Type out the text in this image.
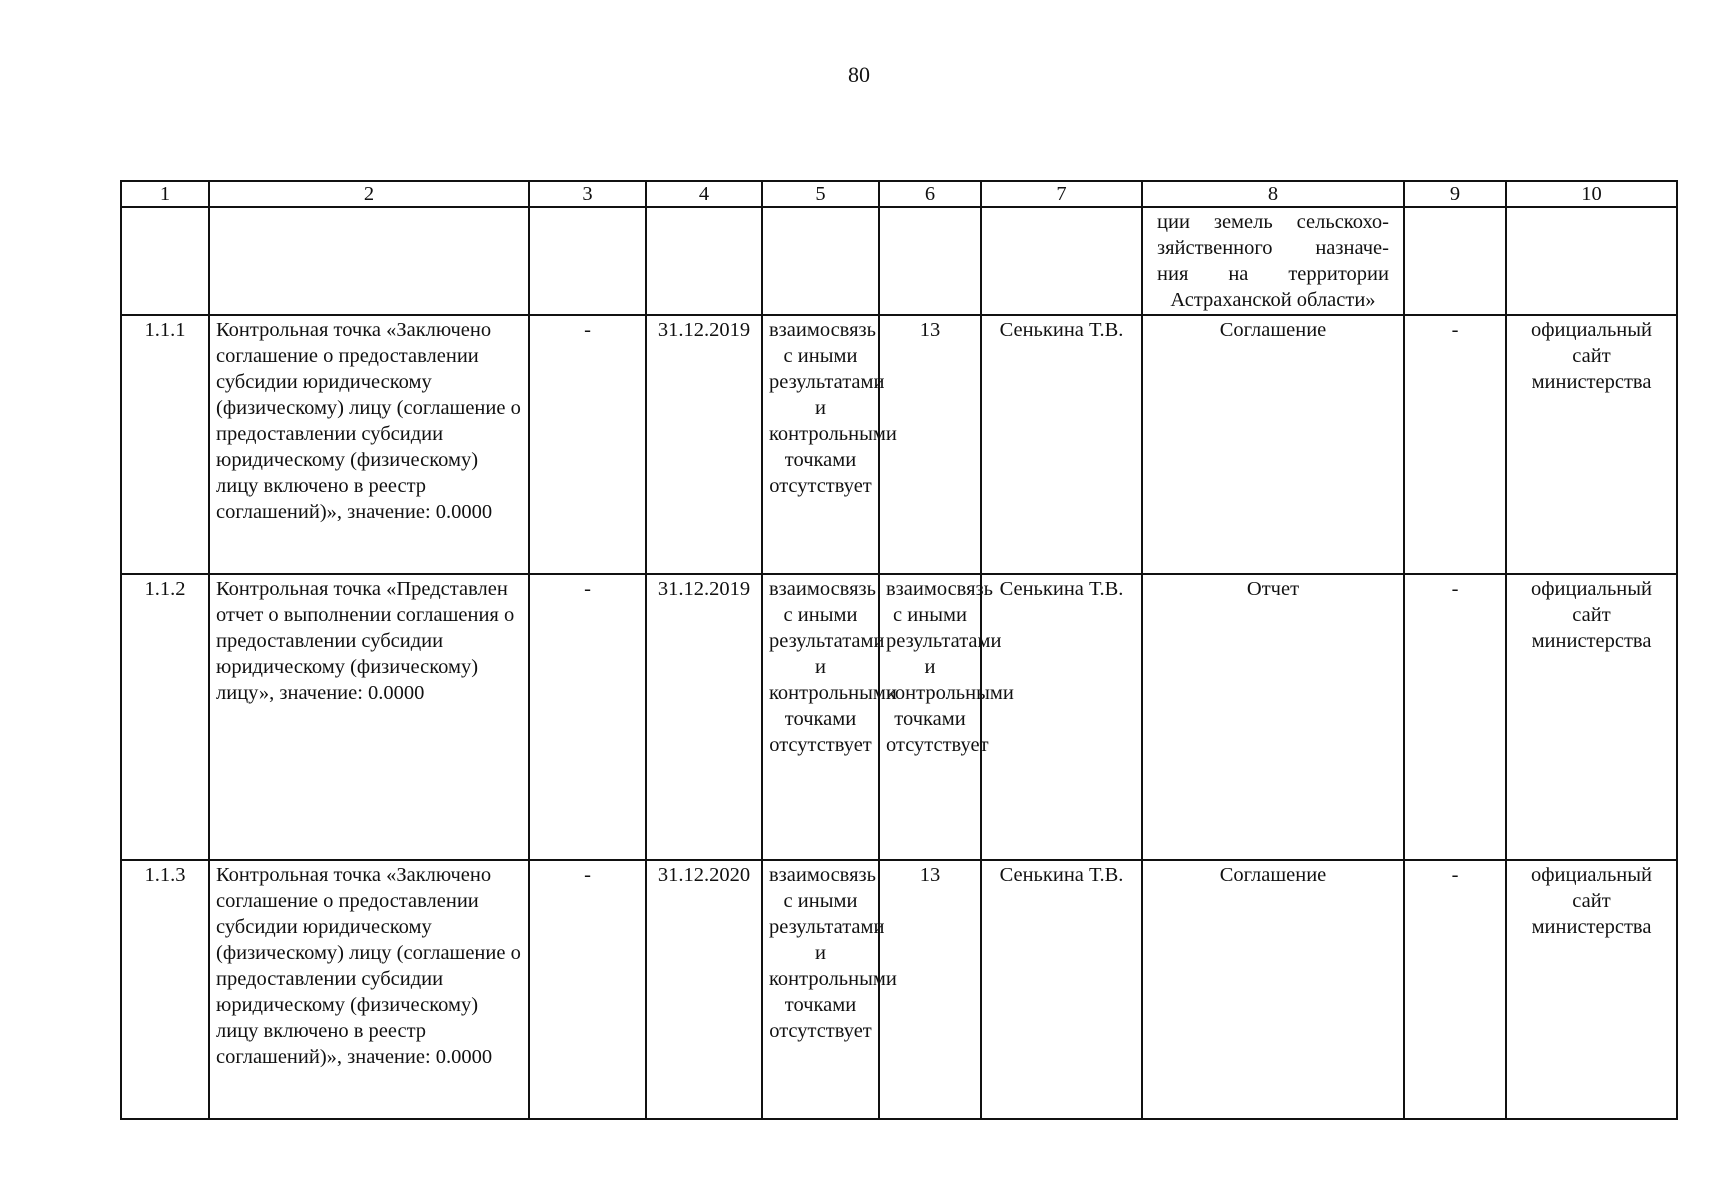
80
1	2	3	4	5	6	7	8	9	10

							ции земель сельскохо-
зяйственного назначе-
ния на территории
Астраханской области»		

1.1.1	Контрольная точка «Заключено соглашение о предоставлении субсидии юридическому (физическому) лицу (соглашение о предоставлении субсидии юридическому (физическому) лицу включено в реестр соглашений)», значение: 0.0000	-	31.12.2019	взаимосвязь с иными результатами и контрольными точками отсутствует	13	Сенькина Т.В.	Соглашение	-	официальный сайт министерства
1.1.2	Контрольная точка «Представлен отчет о выполнении соглашения о предоставлении субсидии юридическому (физическому) лицу», значение: 0.0000	-	31.12.2019	взаимосвязь с иными результатами и контрольными точками отсутствует	взаимосвязь с иными результатами и контрольными точками отсутствует	Сенькина Т.В.	Отчет	-	официальный сайт министерства
1.1.3	Контрольная точка «Заключено соглашение о предоставлении субсидии юридическому (физическому) лицу (соглашение о предоставлении субсидии юридическому (физическому) лицу включено в реестр соглашений)», значение: 0.0000	-	31.12.2020	взаимосвязь с иными результатами и контрольными точками отсутствует	13	Сенькина Т.В.	Соглашение	-	официальный сайт министерства
